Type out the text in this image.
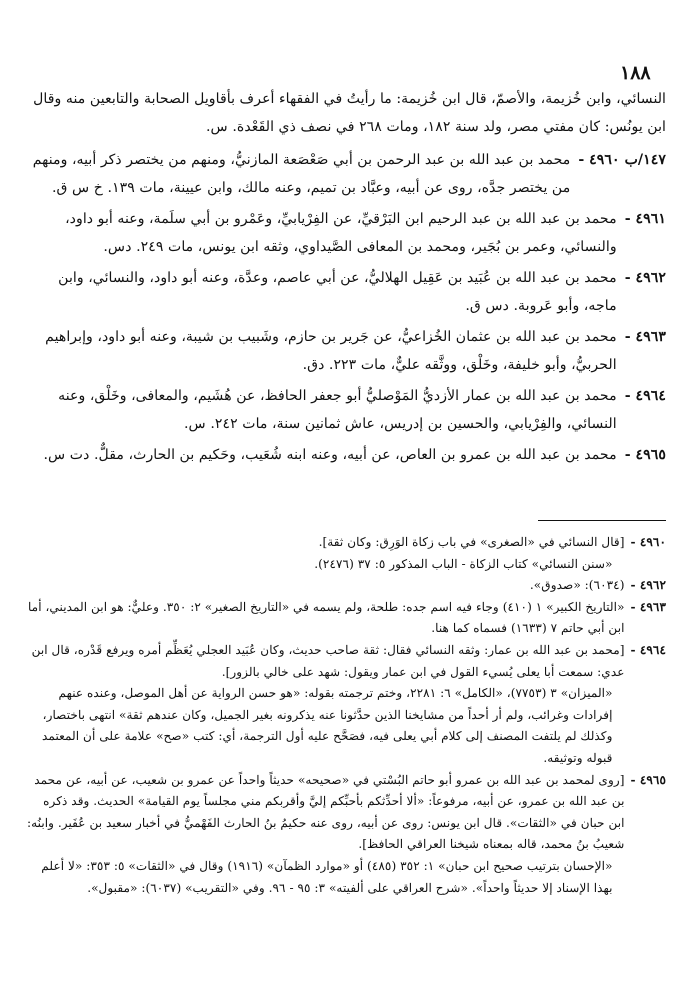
١٨٨

النسائي، وابن خُزيمة، والأصمّ، قال ابن خُزيمة: ما رأيتُ في الفقهاء أعرف بأقاويل الصحابة والتابعين منه وقال ابن يونُس: كان مفتي مصر، ولد سنة ١٨٢، ومات ٢٦٨ في نصف ذي القَعْدة. س.

١٤٧/ب ٤٩٦٠ -
محمد بن عبد الله بن عبد الرحمن بن أبي صَعْصَعة المازنيُّ، ومنهم من يختصر ذكر أبيه، ومنهم من يختصر جدَّه، روى عن أبيه، وعبَّاد بن تميم، وعنه مالك، وابن عيينة، مات ١٣٩. خ س ق.
٤٩٦١ -
محمد بن عبد الله بن عبد الرحيم ابن البَرْقيِّ، عن الفِرْيابيِّ، وعَمْرو بن أبي سلَمة، وعنه أبو داود، والنسائي، وعمر بن بُجَير، ومحمد بن المعافى الصَّيداوي، وثقه ابن يونس، مات ٢٤٩. دس.
٤٩٦٢ -
محمد بن عبد الله بن عُبَيد بن عَقِيل الهلاليُّ، عن أبي عاصم، وعدَّة، وعنه أبو داود، والنسائي، وابن ماجه، وأبو عَروبة. دس ق.
٤٩٦٣ -
محمد بن عبد الله بن عثمان الخُزاعيُّ، عن جَرير بن حازم، وشَبيب بن شيبة، وعنه أبو داود، وإبراهيم الحربيُّ، وأبو خليفة، وخَلْق، ووثَّقه عليٌّ، مات ٢٢٣. دق.
٤٩٦٤ -
محمد بن عبد الله بن عمار الأزديُّ المَوْصليُّ أبو جعفر الحافظ، عن هُشَيم، والمعافى، وخَلْق، وعنه النسائي، والفِرْيابي، والحسين بن إدريس، عاش ثمانين سنة، مات ٢٤٢. س.
٤٩٦٥ -
محمد بن عبد الله بن عمرو بن العاص، عن أبيه، وعنه ابنه شُعَيب، وحَكيم بن الحارث، مقلٌّ. دت س.
٤٩٦٠ -
[قال النسائي في «الصغرى» في باب زكاة الوَرِق: وكان ثقة].
«سنن النسائي» كتاب الزكاة - الباب المذكور ٥: ٣٧ (٢٤٧٦).
٤٩٦٢ -
(٦٠٣٤): «صدوق».
٤٩٦٣ -
«التاريخ الكبير» ١ (٤١٠) وجاء فيه اسم جده: طلحة، ولم يسمه في «التاريخ الصغير» ٢: ٣٥٠. وعليٌّ: هو ابن المديني، أما ابن أبي حاتم ٧ (١٦٣٣) فسماه كما هنا.
٤٩٦٤ -
[محمد بن عبد الله بن عمار: وثقه النسائي فقال: ثقة صاحب حديث، وكان عُبَيد العجلي يُعَظِّم أمره ويرفع قَدْره، قال ابن عدي: سمعت أبا يعلى يُسيء القول في ابن عمار ويقول: شهد على خالي بالزور].
«الميزان» ٣ (٧٧٥٣)، «الكامل» ٦: ٢٢٨١، وختم ترجمته بقوله: «هو حسن الرواية عن أهل الموصل، وعنده عنهم إفرادات وغرائب، ولم أر أحداً من مشايخنا الذين حدَّثونا عنه يذكرونه بغير الجميل، وكان عندهم ثقة» انتهى باختصار، وكذلك لم يلتفت المصنف إلى كلام أبي يعلى فيه، فصَحَّح عليه أول الترجمة، أي: كتب «صح» علامة على أن المعتمد قبوله وتوثيقه.
٤٩٦٥ -
[روى لمحمد بن عبد الله بن عمرو أبو حاتم البُسْتي في «صحيحه» حديثاً واحداً عن عمرو بن شعيب، عن أبيه، عن محمد بن عبد الله بن عمرو، عن أبيه، مرفوعاً: «ألا أحدِّثكم بأحبِّكم إليَّ وأقربكم مني مجلساً يوم القيامة» الحديث. وقد ذكره ابن حبان في «الثقات». قال ابن يونس: روى عن أبيه، روى عنه حكيمُ بنُ الحارث الفَهْميُّ في أخبار سعيد بن عُفَير. وابنُه: شعيبُ بنُ محمد، قاله بمعناه شيخنا العراقي الحافظ].
«الإحسان بترتيب صحيح ابن حبان» ١: ٣٥٢ (٤٨٥) أو «موارد الظمآن» (١٩١٦) وقال في «الثقات» ٥: ٣٥٣: «لا أعلم بهذا الإسناد إلا حديثاً واحداً». «شرح العراقي على ألفيته» ٣: ٩٥ - ٩٦. وفي «التقريب» (٦٠٣٧): «مقبول».
